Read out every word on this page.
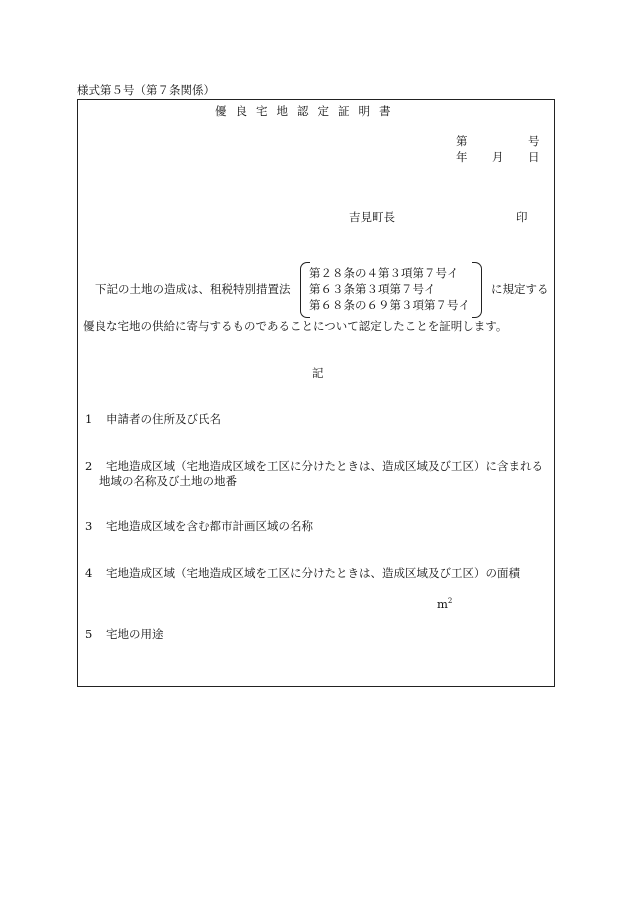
様式第５号（第７条関係）
優良宅地認定証明書
第	号
年 月 日
吉見町長	印
下記の土地の造成は、租税特別措置法
第２８条の４第３項第７号イ
第６３条第３項第７号イ
第６８条の６９第３項第７号イ
に規定する
優良な宅地の供給に寄与するものであることについて認定したことを証明します。
記
1 申請者の住所及び氏名
2 宅地造成区域（宅地造成区域を工区に分けたときは、造成区域及び工区）に含まれる
地域の名称及び土地の地番
3 宅地造成区域を含む都市計画区域の名称
4 宅地造成区域（宅地造成区域を工区に分けたときは、造成区域及び工区）の面積
$m^2$
5 宅地の用途
